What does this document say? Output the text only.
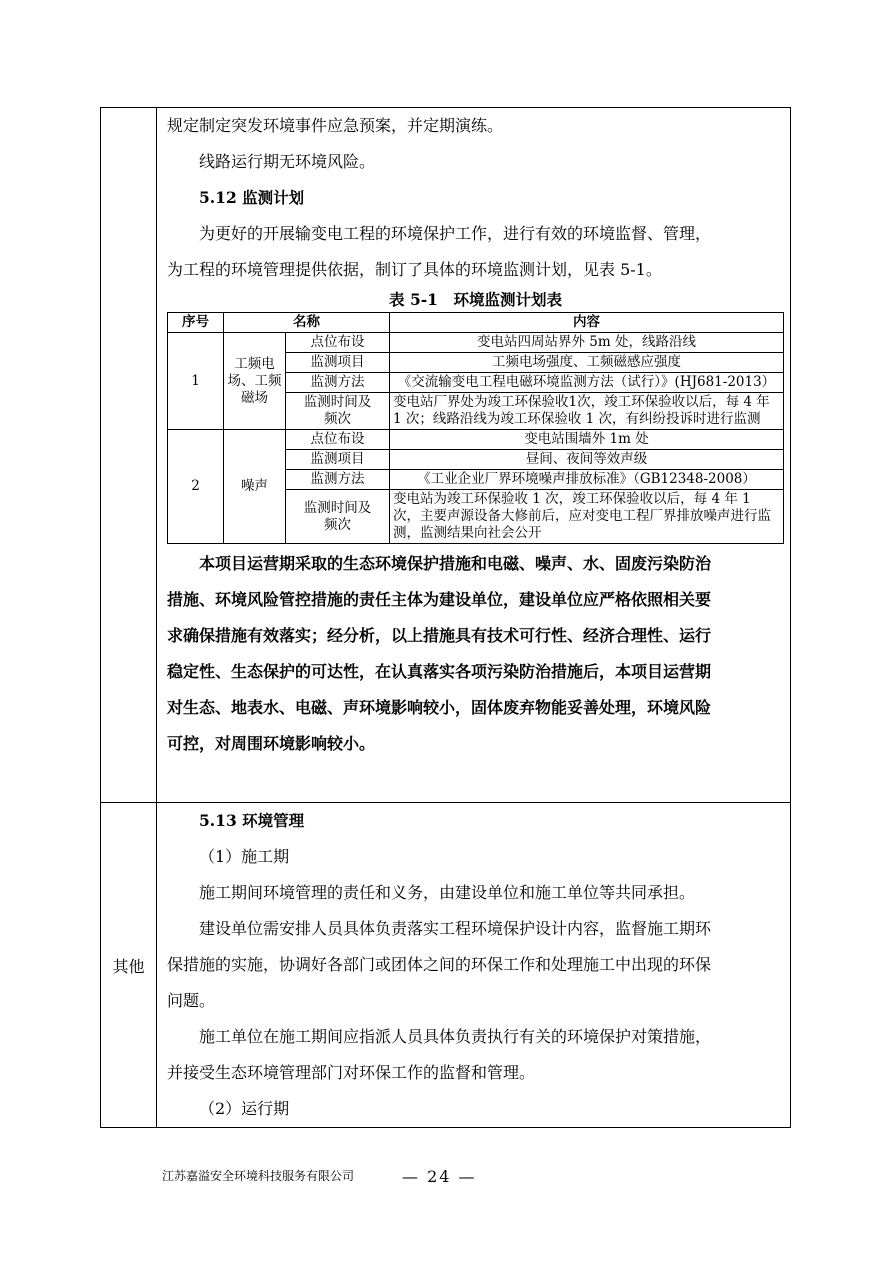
规定制定突发环境事件应急预案，并定期演练。

线路运行期无环境风险。

5.12 监测计划

为更好的开展输变电工程的环境保护工作，进行有效的环境监督、管理，

为工程的环境管理提供依据，制订了具体的环境监测计划，见表 5-1。

表 5-1　环境监测计划表
序号	名称	内容
1	工频电场、工频磁场	点位布设	变电站四周站界外 5m 处，线路沿线
监测项目	工频电场强度、工频磁感应强度
监测方法	《交流输变电工程电磁环境监测方法（试行）》(HJ681-2013）
监测时间及频次	变电站厂界处为竣工环保验收1次，竣工环保验收以后，每 4 年 1 次；线路沿线为竣工环保验收 1 次，有纠纷投诉时进行监测
2	噪声	点位布设	变电站围墙外 1m 处
监测项目	昼间、夜间等效声级
监测方法	《工业企业厂界环境噪声排放标准》（GB12348-2008）
监测时间及频次	变电站为竣工环保验收 1 次，竣工环保验收以后，每 4 年 1 次，主要声源设备大修前后，应对变电工程厂界排放噪声进行监测，监测结果向社会公开

本项目运营期采取的生态环境保护措施和电磁、噪声、水、固废污染防治

措施、环境风险管控措施的责任主体为建设单位，建设单位应严格依照相关要

求确保措施有效落实；经分析，以上措施具有技术可行性、经济合理性、运行

稳定性、生态保护的可达性，在认真落实各项污染防治措施后，本项目运营期

对生态、地表水、电磁、声环境影响较小，固体废弃物能妥善处理，环境风险

可控，对周围环境影响较小。

其他	
5.13 环境管理

（1）施工期

施工期间环境管理的责任和义务，由建设单位和施工单位等共同承担。

建设单位需安排人员具体负责落实工程环境保护设计内容，监督施工期环

保措施的实施，协调好各部门或团体之间的环保工作和处理施工中出现的环保

问题。

施工单位在施工期间应指派人员具体负责执行有关的环境保护对策措施，

并接受生态环境管理部门对环保工作的监督和管理。

（2）运行期

江苏嘉溢安全环境科技服务有限公司	— 24 —
